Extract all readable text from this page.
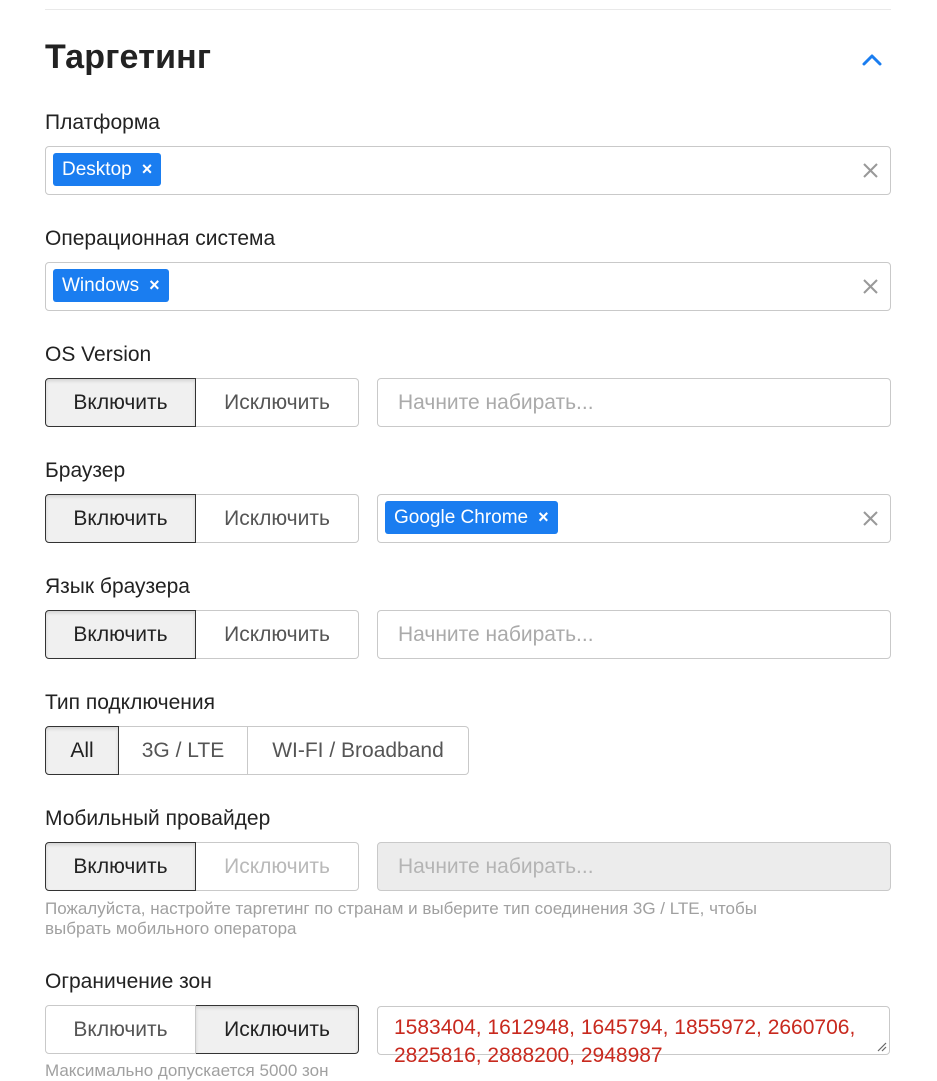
Таргетинг
Платформа
Desktop ×
Операционная система
Windows ×
OS Version
Включить	Исключить
Начните набирать...
Браузер
Включить	Исключить	Google Chrome ×
Язык браузера
Включить	Исключить
Начните набирать...
Тип подключения
All	3G / LTE	WI-FI / Broadband
Мобильный провайдер
Включить	Исключить
Начните набирать...
Пожалуйста, настройте таргетинг по странам и выберите тип соединения 3G / LTE, чтобы
выбрать мобильного оператора
Ограничение зон
Включить	Исключить	1583404, 1612948, 1645794, 1855972, 2660706,
2825816, 2888200, 2948987
Максимально допускается 5000 зон
